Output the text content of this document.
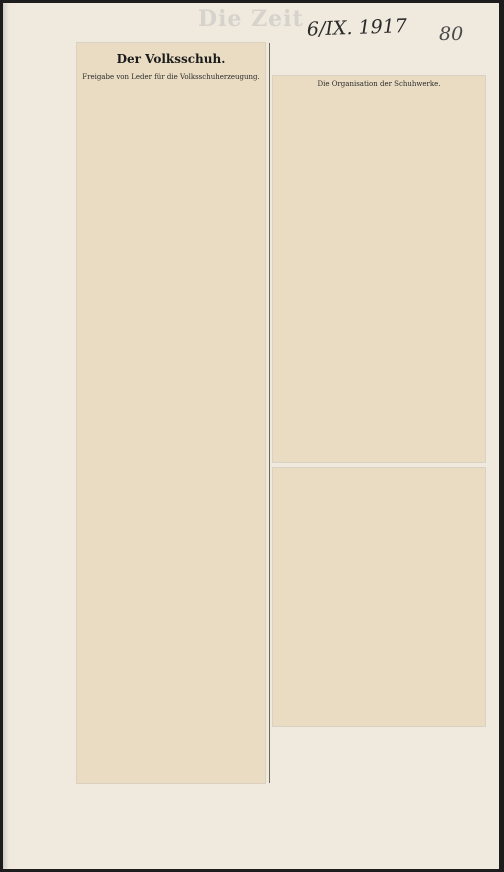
Die Zeit 6/IX. 1917 80
Der Volksschuh.
Freigabe von Leder für die Volksschuherzeugung.
Die Organisation der Schuhwerke.
